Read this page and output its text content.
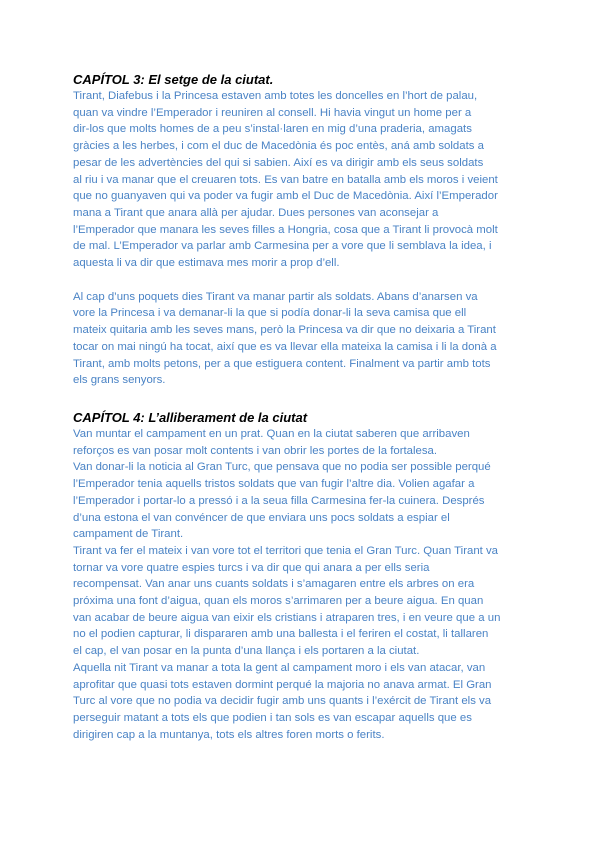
CAPÍTOL 3: El setge de la ciutat.
Tirant, Diafebus i la Princesa estaven amb totes les doncelles en l’hort de palau,
quan va vindre l’Emperador i reuniren al consell. Hi havia vingut un home per a
dir-los que molts homes de a peu s’instal·laren en mig d’una praderia, amagats
gràcies a les herbes, i com el duc de Macedònia és poc entès, aná amb soldats a
pesar de les advertències del qui si sabien. Així es va dirigir amb els seus soldats
al riu i va manar que el creuaren tots. Es van batre en batalla amb els moros i veient
que no guanyaven qui va poder va fugir amb el Duc de Macedònia. Així l’Emperador
mana a Tirant que anara allà per ajudar. Dues persones van aconsejar a
l’Emperador que manara les seves filles a Hongria, cosa que a Tirant li provocà molt
de mal. L’Emperador va parlar amb Carmesina per a vore que li semblava la idea, i
aquesta li va dir que estimava mes morir a prop d’ell.
Al cap d’uns poquets dies Tirant va manar partir als soldats. Abans d’anarsen va
vore la Princesa i va demanar-li la que si podía donar-li la seva camisa que ell
mateix quitaria amb les seves mans, però la Princesa va dir que no deixaria a Tirant
tocar on mai ningú ha tocat, així que es va llevar ella mateixa la camisa i li la donà a
Tirant, amb molts petons, per a que estiguera content. Finalment va partir amb tots
els grans senyors.
CAPÍTOL 4: L’alliberament de la ciutat
Van muntar el campament en un prat. Quan en la ciutat saberen que arribaven
reforços es van posar molt contents i van obrir les portes de la fortalesa.
Van donar-li la noticia al Gran Turc, que pensava que no podia ser possible perqué
l’Emperador tenia aquells tristos soldats que van fugir l’altre dia. Volien agafar a
l’Emperador i portar-lo a pressó i a la seua filla Carmesina fer-la cuinera. Després
d’una estona el van convéncer de que enviara uns pocs soldats a espiar el
campament de Tirant.
Tirant va fer el mateix i van vore tot el territori que tenia el Gran Turc. Quan Tirant va
tornar va vore quatre espies turcs i va dir que qui anara a per ells seria
recompensat. Van anar uns cuants soldats i s’amagaren entre els arbres on era
próxima una font d’aigua, quan els moros s’arrimaren per a beure aigua. En quan
van acabar de beure aigua van eixir els cristians i atraparen tres, i en veure que a un
no el podien capturar, li dispararen amb una ballesta i el feriren el costat, li tallaren
el cap, el van posar en la punta d’una llança i els portaren a la ciutat.
Aquella nit Tirant va manar a tota la gent al campament moro i els van atacar, van
aprofitar que quasi tots estaven dormint perqué la majoria no anava armat. El Gran
Turc al vore que no podia va decidir fugir amb uns quants i l’exércit de Tirant els va
perseguir matant a tots els que podien i tan sols es van escapar aquells que es
dirigiren cap a la muntanya, tots els altres foren morts o ferits.
